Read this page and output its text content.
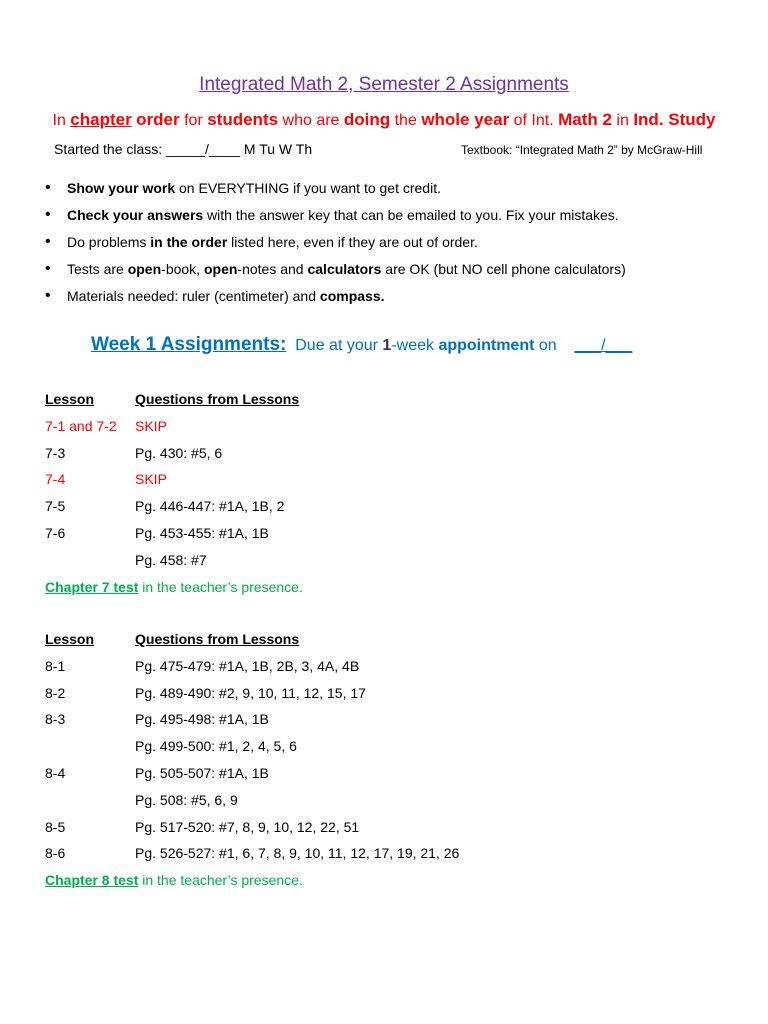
Integrated Math 2, Semester 2 Assignments
In chapter order for students who are doing the whole year of Int. Math 2 in Ind. Study
Started the class: _____/____ M Tu W Th	Textbook: “Integrated Math 2” by McGraw-Hill
• Show your work on EVERYTHING if you want to get credit.
• Check your answers with the answer key that can be emailed to you. Fix your mistakes.
• Do problems in the order listed here, even if they are out of order.
• Tests are open-book, open-notes and calculators are OK (but NO cell phone calculators)
• Materials needed: ruler (centimeter) and compass.
Week 1 Assignments: Due at your 1-week appointment on ___/___
Lesson	Questions from Lessons
7-1 and 7-2	SKIP
7-3	Pg. 430: #5, 6
7-4	SKIP
7-5	Pg. 446-447: #1A, 1B, 2
7-6	Pg. 453-455: #1A, 1B
Pg. 458: #7
Chapter 7 test in the teacher’s presence.
Lesson	Questions from Lessons
8-1	Pg. 475-479: #1A, 1B, 2B, 3, 4A, 4B
8-2	Pg. 489-490: #2, 9, 10, 11, 12, 15, 17
8-3	Pg. 495-498: #1A, 1B
Pg. 499-500: #1, 2, 4, 5, 6
8-4	Pg. 505-507: #1A, 1B
Pg. 508: #5, 6, 9
8-5	Pg. 517-520: #7, 8, 9, 10, 12, 22, 51
8-6	Pg. 526-527: #1, 6, 7, 8, 9, 10, 11, 12, 17, 19, 21, 26
Chapter 8 test in the teacher’s presence.
